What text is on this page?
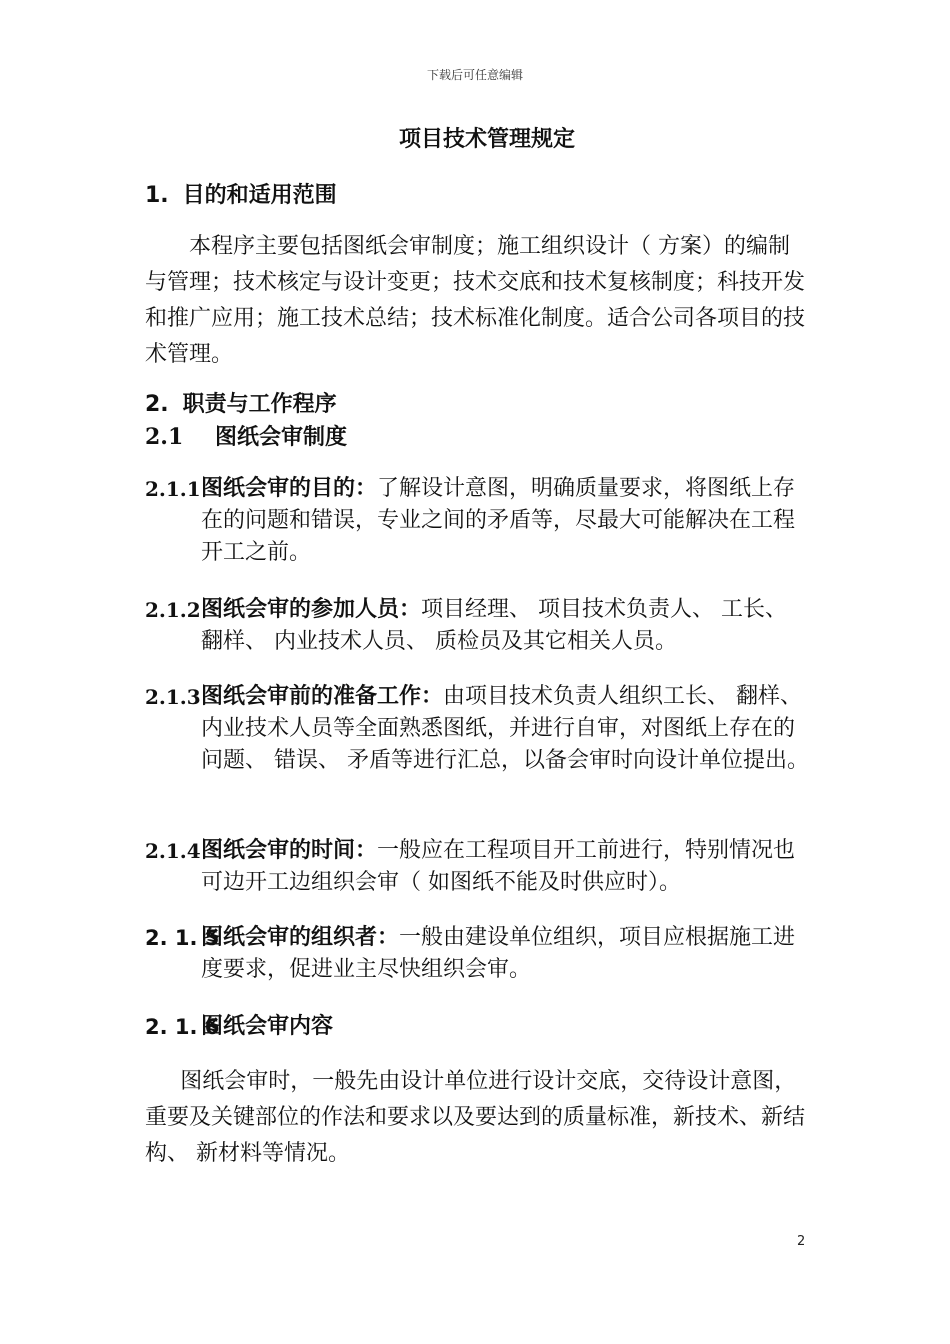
下载后可任意编辑
项目技术管理规定
1. 目的和适用范围
本程序主要包括图纸会审制度；施工组织设计（ 方案）的编制与管理；技术核定与设计变更；技术交底和技术复核制度；科技开发和推广应用；施工技术总结；技术标准化制度。适合公司各项目的技术管理。
2. 职责与工作程序
2.1 图纸会审制度
2.1.1 图纸会审的目的：了解设计意图，明确质量要求，将图纸上存在的问题和错误，专业之间的矛盾等，尽最大可能解决在工程开工之前。
2.1.2 图纸会审的参加人员：项目经理、 项目技术负责人、 工长、 翻样、 内业技术人员、 质检员及其它相关人员。
2.1.3 图纸会审前的准备工作：由项目技术负责人组织工长、 翻样、 内业技术人员等全面熟悉图纸，并进行自审，对图纸上存在的问题、 错误、 矛盾等进行汇总，以备会审时向设计单位提出。
2.1.4 图纸会审的时间：一般应在工程项目开工前进行，特别情况也可边开工边组织会审（ 如图纸不能及时供应时）。
2. 1. 5
图纸会审的组织者：一般由建设单位组织，项目应根据施工进度要求，促进业主尽快组织会审。
2. 1. 6
图纸会审内容
图纸会审时，一般先由设计单位进行设计交底，交待设计意图，重要及关键部位的作法和要求以及要达到的质量标准，新技术、新结构、 新材料等情况。
2
